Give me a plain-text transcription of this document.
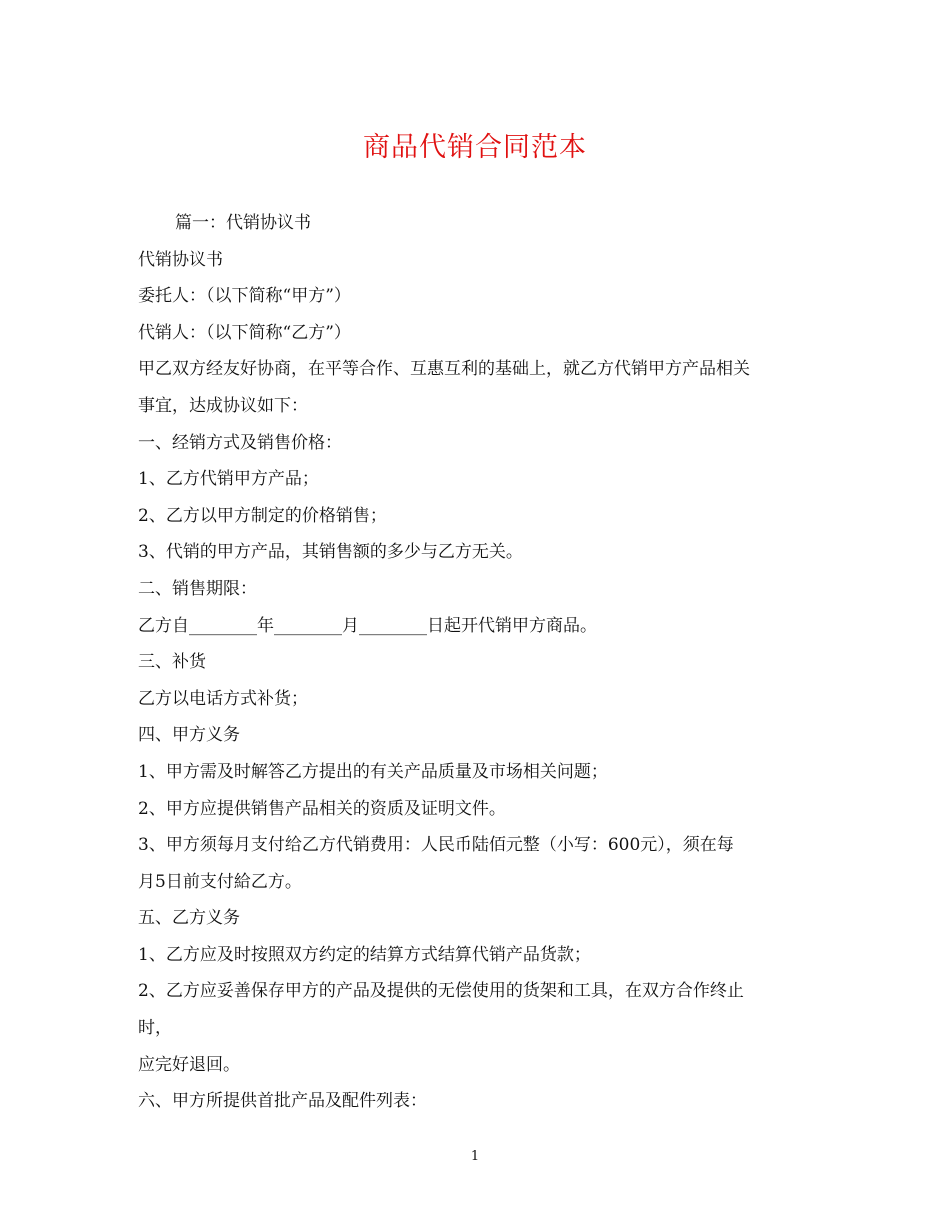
商品代销合同范本
篇一：代销协议书
代销协议书
委托人：（以下简称“甲方”）
代销人：（以下简称“乙方”）
甲乙双方经友好协商，在平等合作、互惠互利的基础上，就乙方代销甲方产品相关
事宜，达成协议如下：
一、经销方式及销售价格：
1、乙方代销甲方产品；
2、乙方以甲方制定的价格销售；
3、代销的甲方产品，其销售额的多少与乙方无关。
二、销售期限：
乙方自________年________月________日起开代销甲方商品。
三、补货
乙方以电话方式补货；
四、甲方义务
1、甲方需及时解答乙方提出的有关产品质量及市场相关问题；
2、甲方应提供销售产品相关的资质及证明文件。
3、甲方须每月支付给乙方代销费用：人民币陆佰元整（小写：600元），须在每
月5日前支付給乙方。
五、乙方义务
1、乙方应及时按照双方约定的结算方式结算代销产品货款；
2、乙方应妥善保存甲方的产品及提供的无偿使用的货架和工具，在双方合作终止
时，
应完好退回。
六、甲方所提供首批产品及配件列表：
1
